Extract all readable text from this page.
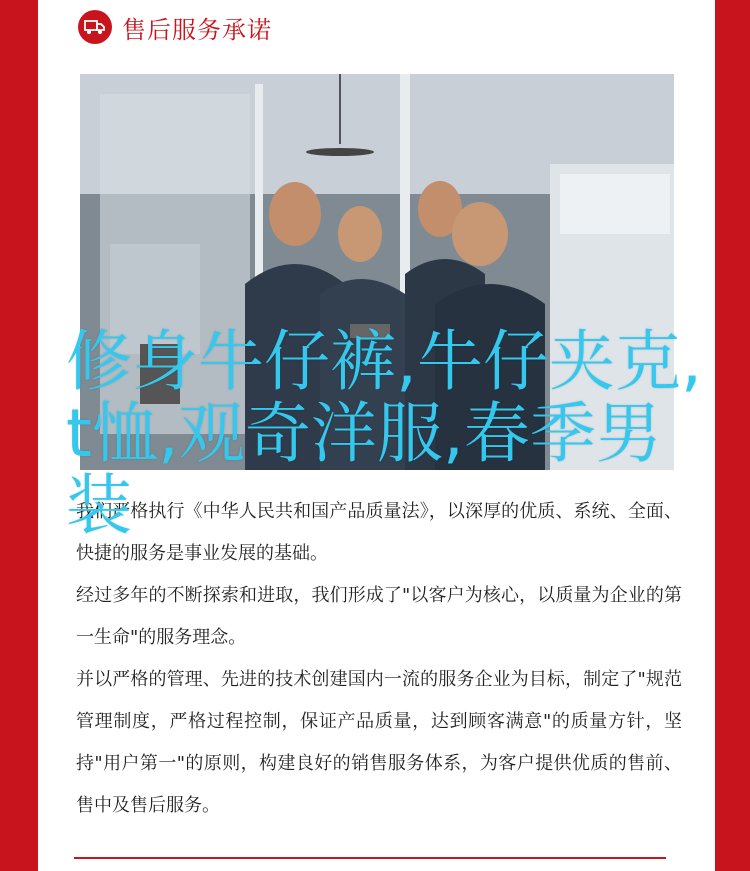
售后服务承诺

我们严格执行《中华人民共和国产品质量法》，以深厚的优质、系统、全面、快捷的服务是事业发展的基础。

经过多年的不断探索和进取，我们形成了"以客户为核心，以质量为企业的第一生命"的服务理念。

并以严格的管理、先进的技术创建国内一流的服务企业为目标，制定了"规范管理制度，严格过程控制，保证产品质量，达到顾客满意"的质量方针，坚持"用户第一"的原则，构建良好的销售服务体系，为客户提供优质的售前、售中及售后服务。

修身牛仔裤,牛仔夹克,t恤,观奇洋服,春季男装
